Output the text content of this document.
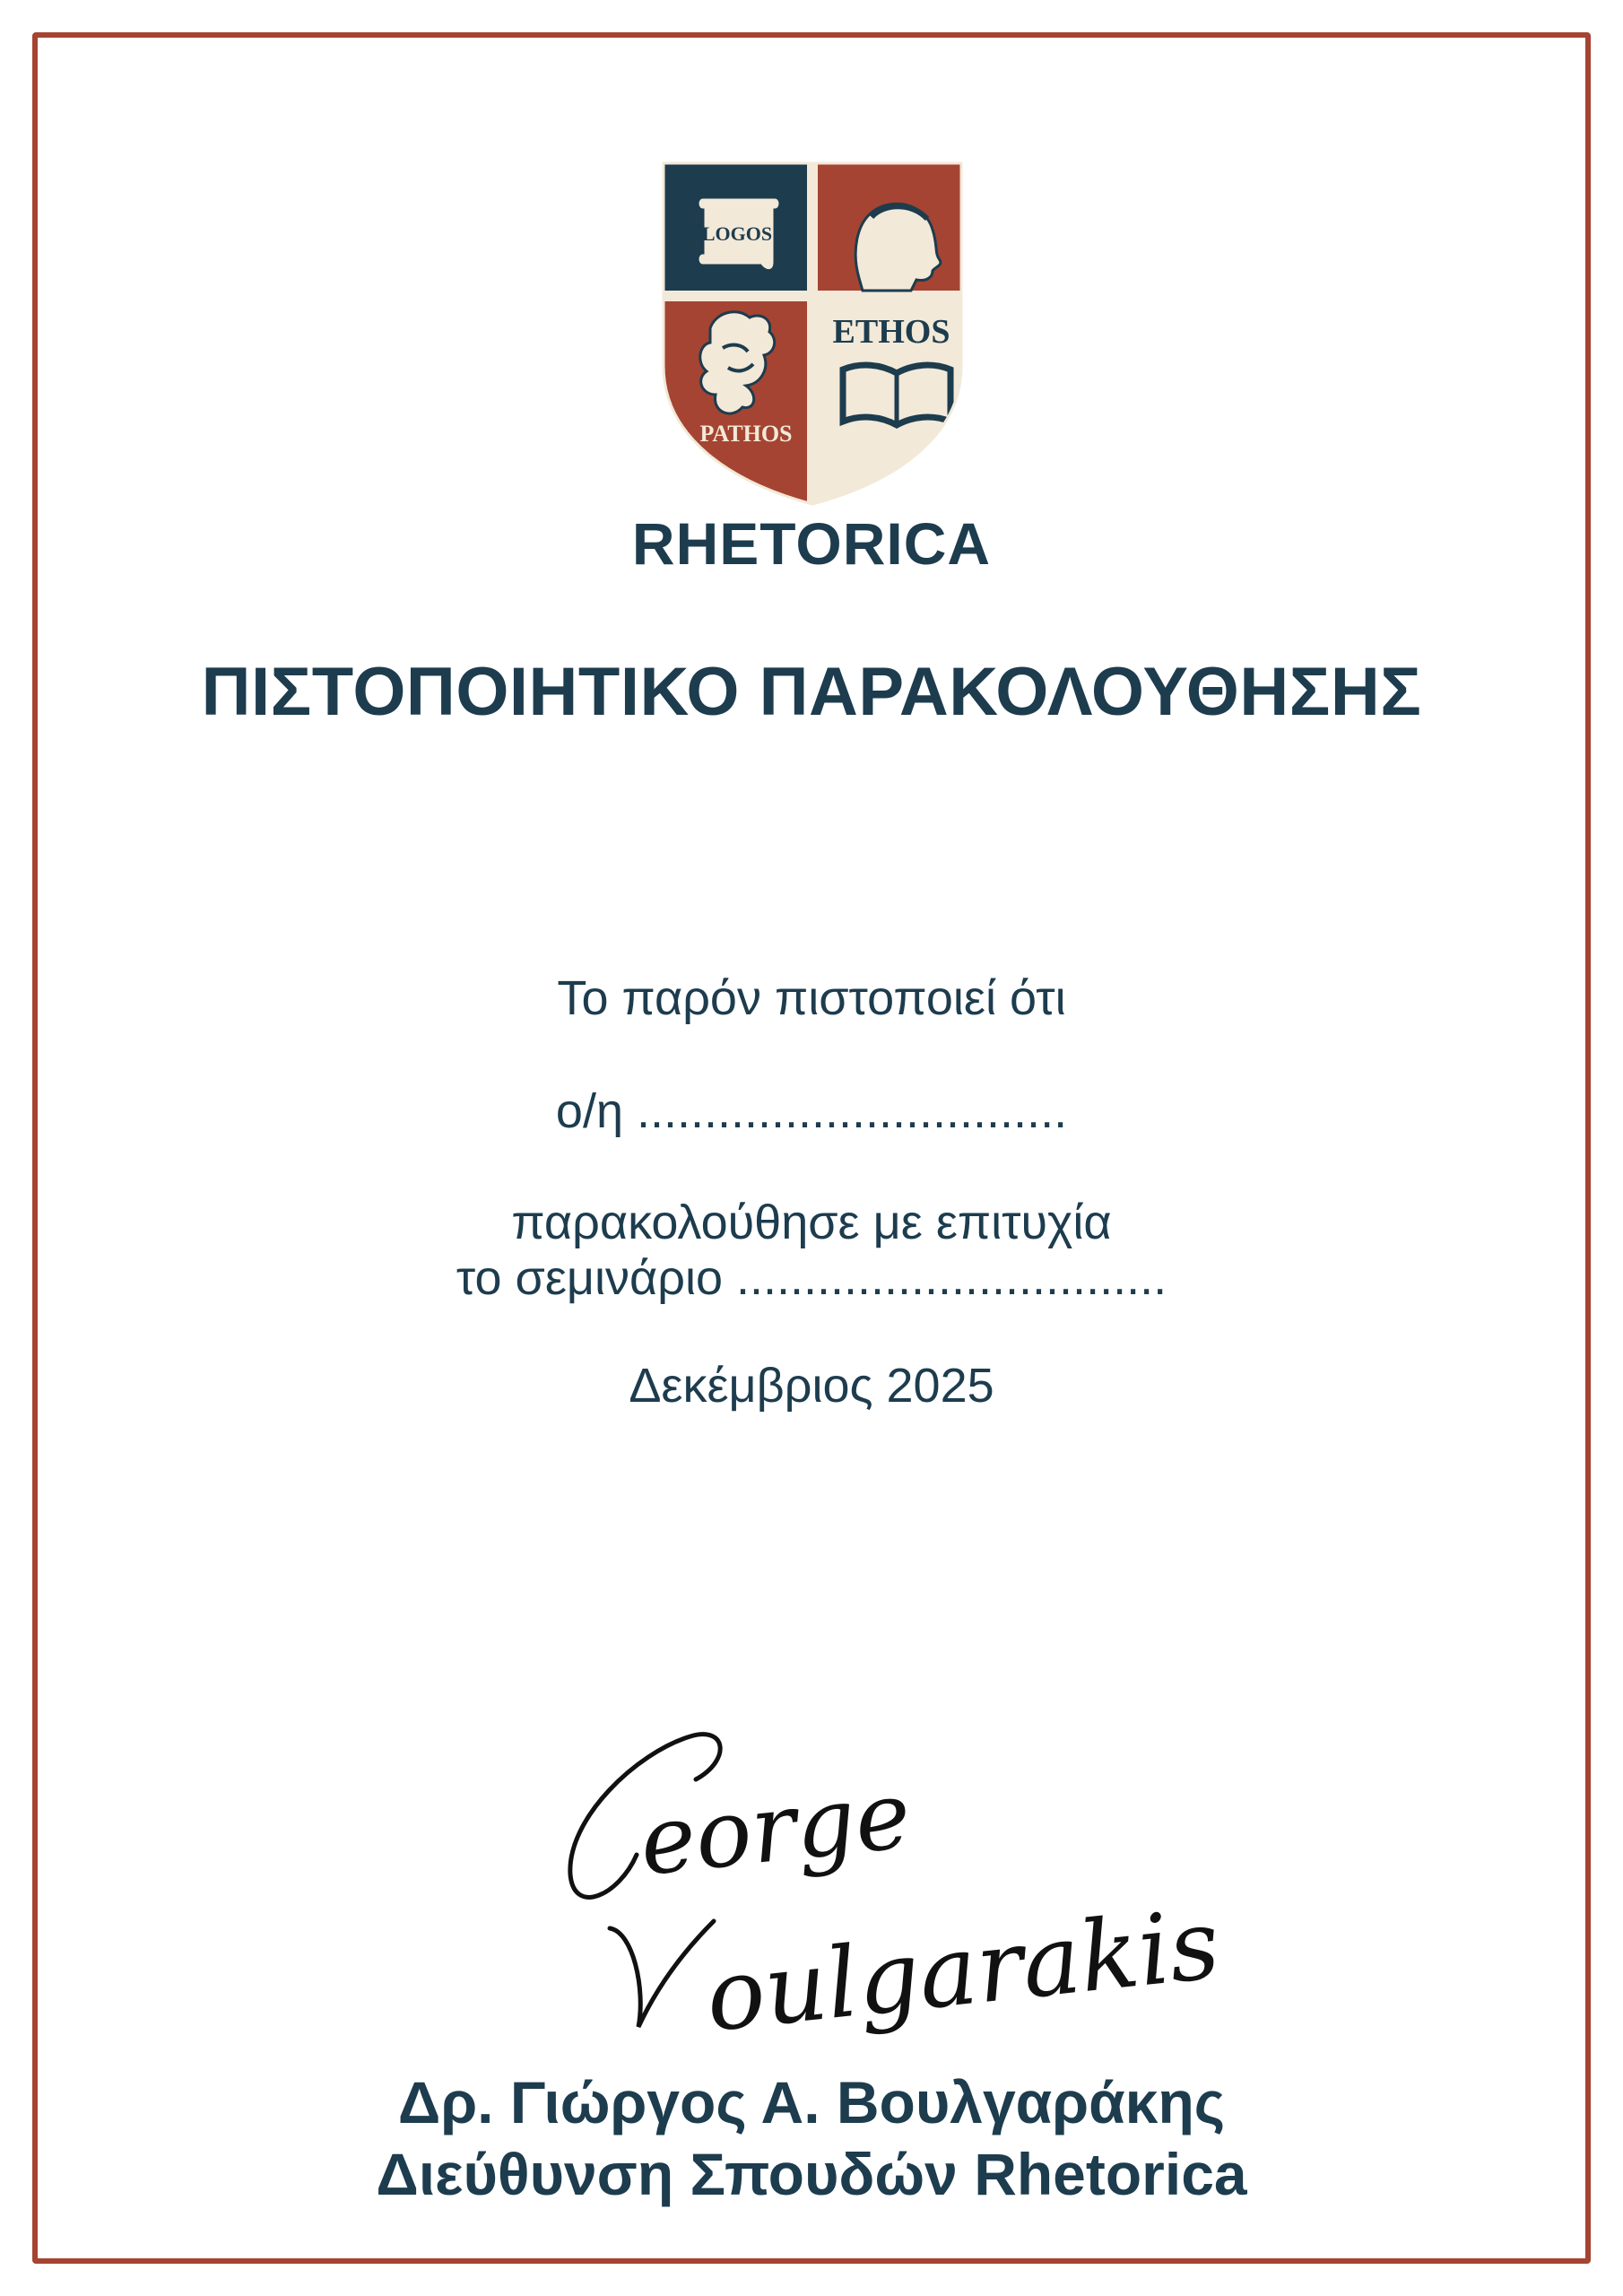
LOGOS
ETHOS
PATHOS
RHETORICA
ΠΙΣΤΟΠΟΙΗΤΙΚΟ ΠΑΡΑΚΟΛΟΥΘΗΣΗΣ
Το παρόν πιστοποιεί ότι
ο/η ................................
παρακολούθησε με επιτυχία
το σεμινάριο ................................
Δεκέμβριος 2025
eorge
oulgarakis
Δρ. Γιώργος Α. Βουλγαράκης
Διεύθυνση Σπουδών Rhetorica
